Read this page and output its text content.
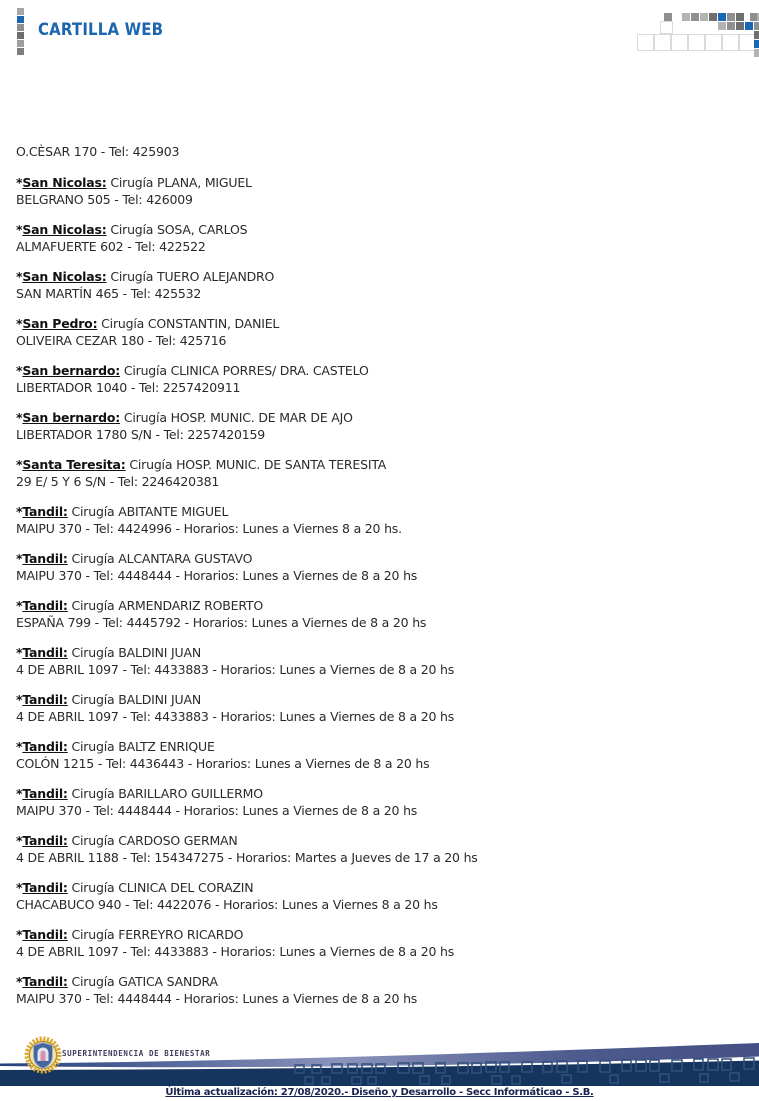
CARTILLA WEB

O.CÈSAR 170 - Tel: 425903

*San Nicolas: Cirugía PLANA, MIGUEL
BELGRANO 505 - Tel: 426009

*San Nicolas: Cirugía SOSA, CARLOS
ALMAFUERTE 602 - Tel: 422522

*San Nicolas: Cirugía TUERO ALEJANDRO
SAN MARTÍN 465 - Tel: 425532

*San Pedro: Cirugía CONSTANTIN, DANIEL
OLIVEIRA CEZAR 180 - Tel: 425716

*San bernardo: Cirugía CLINICA PORRES/ DRA. CASTELO
LIBERTADOR 1040 - Tel: 2257420911

*San bernardo: Cirugía HOSP. MUNIC. DE MAR DE AJO
LIBERTADOR 1780 S/N - Tel: 2257420159

*Santa Teresita: Cirugía HOSP. MUNIC. DE SANTA TERESITA
29 E/ 5 Y 6 S/N - Tel: 2246420381

*Tandil: Cirugía ABITANTE MIGUEL
MAIPU 370 - Tel: 4424996 - Horarios: Lunes a Viernes 8 a 20 hs.

*Tandil: Cirugía ALCANTARA GUSTAVO
MAIPU 370 - Tel: 4448444 - Horarios: Lunes a Viernes de 8 a 20 hs

*Tandil: Cirugía ARMENDARIZ ROBERTO
ESPAÑA 799 - Tel: 4445792 - Horarios: Lunes a Viernes de 8 a 20 hs

*Tandil: Cirugía BALDINI JUAN
4 DE ABRIL 1097 - Tel: 4433883 - Horarios: Lunes a Viernes de 8 a 20 hs

*Tandil: Cirugía BALDINI JUAN
4 DE ABRIL 1097 - Tel: 4433883 - Horarios: Lunes a Viernes de 8 a 20 hs

*Tandil: Cirugía BALTZ ENRIQUE
COLÓN 1215 - Tel: 4436443 - Horarios: Lunes a Viernes de 8 a 20 hs

*Tandil: Cirugía BARILLARO GUILLERMO
MAIPU 370 - Tel: 4448444 - Horarios: Lunes a Viernes de 8 a 20 hs

*Tandil: Cirugía CARDOSO GERMAN
4 DE ABRIL 1188 - Tel: 154347275 - Horarios: Martes a Jueves de 17 a 20 hs

*Tandil: Cirugía CLINICA DEL CORAZIN
CHACABUCO 940 - Tel: 4422076 - Horarios: Lunes a Viernes 8 a 20 hs

*Tandil: Cirugía FERREYRO RICARDO
4 DE ABRIL 1097 - Tel: 4433883 - Horarios: Lunes a Viernes de 8 a 20 hs

*Tandil: Cirugía GATICA SANDRA
MAIPU 370 - Tel: 4448444 - Horarios: Lunes a Viernes de 8 a 20 hs

SUPERINTENDENCIA DE BIENESTAR
Última actualización: 27/08/2020.- Diseño y Desarrollo - Secc Informáticao - S.B.
